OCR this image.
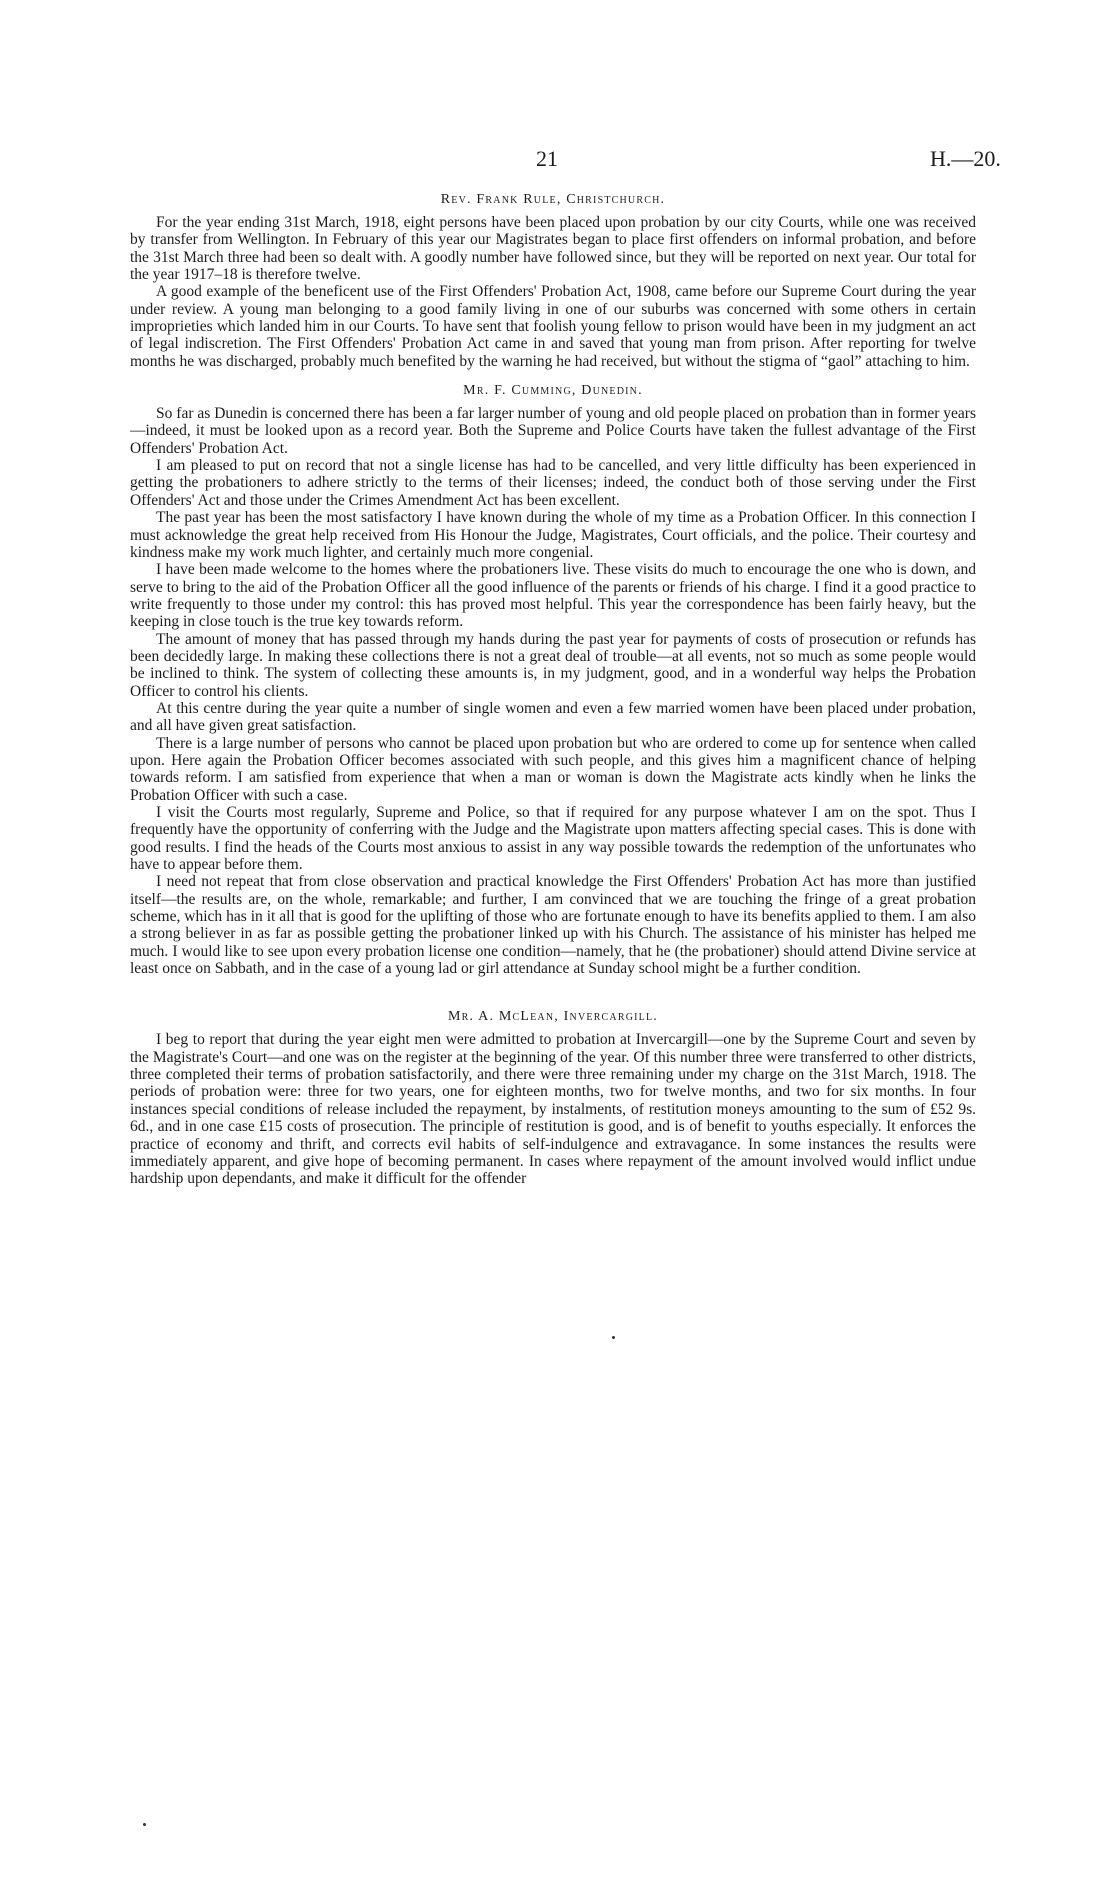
21	H.—20.
Rev. Frank Rule, Christchurch.

For the year ending 31st March, 1918, eight persons have been placed upon probation by our city Courts, while one was received by transfer from Wellington. In February of this year our Magistrates began to place first offenders on informal probation, and before the 31st March three had been so dealt with. A goodly number have followed since, but they will be reported on next year. Our total for the year 1917–18 is therefore twelve.

A good example of the beneficent use of the First Offenders' Probation Act, 1908, came before our Supreme Court during the year under review. A young man belonging to a good family living in one of our suburbs was concerned with some others in certain improprieties which landed him in our Courts. To have sent that foolish young fellow to prison would have been in my judgment an act of legal indiscretion. The First Offenders' Probation Act came in and saved that young man from prison. After reporting for twelve months he was discharged, probably much benefited by the warning he had received, but without the stigma of “gaol” attaching to him.

Mr. F. Cumming, Dunedin.

So far as Dunedin is concerned there has been a far larger number of young and old people placed on probation than in former years—indeed, it must be looked upon as a record year. Both the Supreme and Police Courts have taken the fullest advantage of the First Offenders' Probation Act.

I am pleased to put on record that not a single license has had to be cancelled, and very little difficulty has been experienced in getting the probationers to adhere strictly to the terms of their licenses; indeed, the conduct both of those serving under the First Offenders' Act and those under the Crimes Amendment Act has been excellent.

The past year has been the most satisfactory I have known during the whole of my time as a Probation Officer. In this connection I must acknowledge the great help received from His Honour the Judge, Magistrates, Court officials, and the police. Their courtesy and kindness make my work much lighter, and certainly much more congenial.

I have been made welcome to the homes where the probationers live. These visits do much to encourage the one who is down, and serve to bring to the aid of the Probation Officer all the good influence of the parents or friends of his charge. I find it a good practice to write frequently to those under my control: this has proved most helpful. This year the correspondence has been fairly heavy, but the keeping in close touch is the true key towards reform.

The amount of money that has passed through my hands during the past year for payments of costs of prosecution or refunds has been decidedly large. In making these collections there is not a great deal of trouble—at all events, not so much as some people would be inclined to think. The system of collecting these amounts is, in my judgment, good, and in a wonderful way helps the Probation Officer to control his clients.

At this centre during the year quite a number of single women and even a few married women have been placed under probation, and all have given great satisfaction.

There is a large number of persons who cannot be placed upon probation but who are ordered to come up for sentence when called upon. Here again the Probation Officer becomes associated with such people, and this gives him a magnificent chance of helping towards reform. I am satisfied from experience that when a man or woman is down the Magistrate acts kindly when he links the Probation Officer with such a case.

I visit the Courts most regularly, Supreme and Police, so that if required for any purpose whatever I am on the spot. Thus I frequently have the opportunity of conferring with the Judge and the Magistrate upon matters affecting special cases. This is done with good results. I find the heads of the Courts most anxious to assist in any way possible towards the redemption of the unfortunates who have to appear before them.

I need not repeat that from close observation and practical knowledge the First Offenders' Probation Act has more than justified itself—the results are, on the whole, remarkable; and further, I am convinced that we are touching the fringe of a great probation scheme, which has in it all that is good for the uplifting of those who are fortunate enough to have its benefits applied to them. I am also a strong believer in as far as possible getting the probationer linked up with his Church. The assistance of his minister has helped me much. I would like to see upon every probation license one condition—namely, that he (the probationer) should attend Divine service at least once on Sabbath, and in the case of a young lad or girl attendance at Sunday school might be a further condition.

Mr. A. McLean, Invercargill.

I beg to report that during the year eight men were admitted to probation at Invercargill—one by the Supreme Court and seven by the Magistrate's Court—and one was on the register at the beginning of the year. Of this number three were transferred to other districts, three completed their terms of probation satisfactorily, and there were three remaining under my charge on the 31st March, 1918. The periods of probation were: three for two years, one for eighteen months, two for twelve months, and two for six months. In four instances special conditions of release included the repayment, by instalments, of restitution moneys amounting to the sum of £52 9s. 6d., and in one case £15 costs of prosecution. The principle of restitution is good, and is of benefit to youths especially. It enforces the practice of economy and thrift, and corrects evil habits of self-indulgence and extravagance. In some instances the results were immediately apparent, and give hope of becoming permanent. In cases where repayment of the amount involved would inflict undue hardship upon dependants, and make it difficult for the offender
